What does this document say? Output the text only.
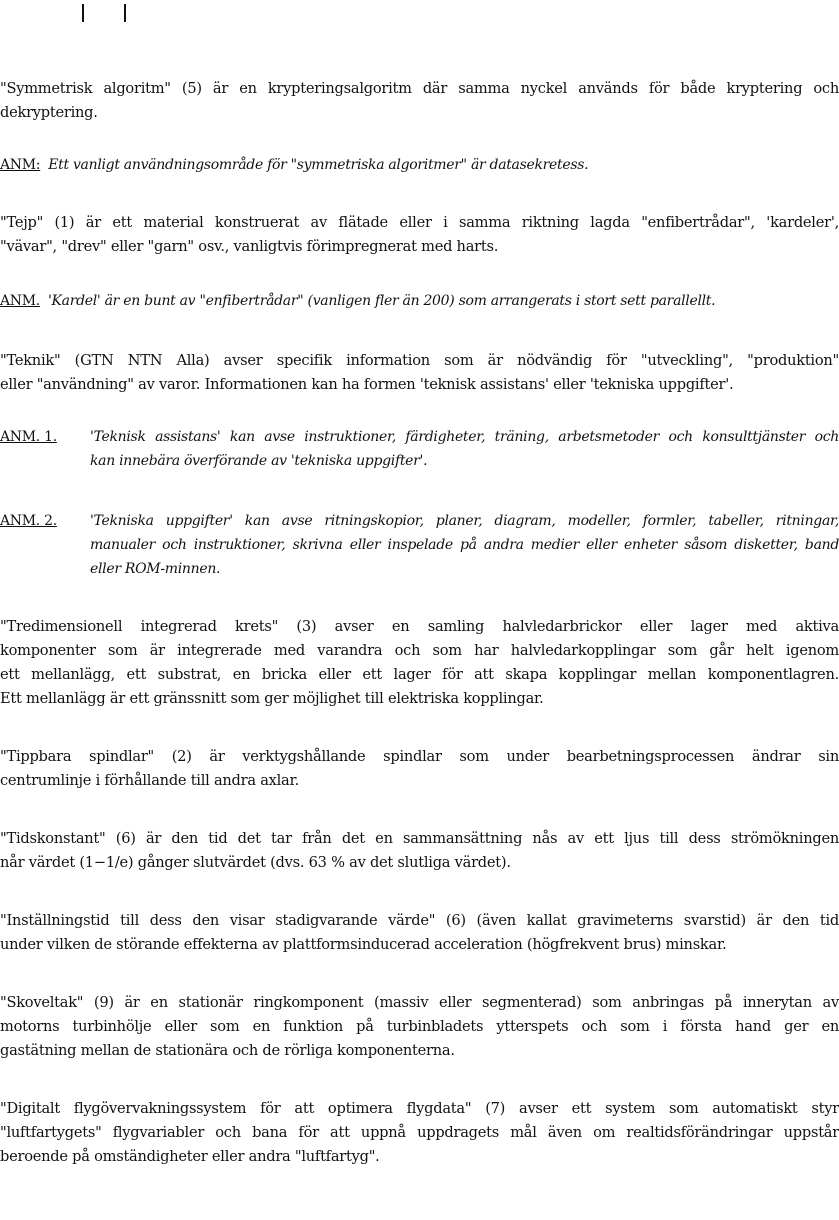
"Symmetrisk algoritm" (5) är en krypteringsalgoritm där samma nyckel används för både kryptering och
dekryptering.
ANM: Ett vanligt användningsområde för "symmetriska algoritmer" är datasekretess.
"Tejp" (1) är ett material konstruerat av flätade eller i samma riktning lagda "enfibertrådar", 'kardeler',
"vävar", "drev" eller "garn" osv., vanligtvis förimpregnerat med harts.
ANM. 'Kardel' är en bunt av "enfibertrådar" (vanligen fler än 200) som arrangerats i stort sett parallellt.
"Teknik" (GTN NTN Alla) avser specifik information som är nödvändig för "utveckling", "produktion"
eller "användning" av varor. Informationen kan ha formen 'teknisk assistans' eller 'tekniska uppgifter'.
ANM. 1. 'Teknisk assistans' kan avse instruktioner, färdigheter, träning, arbetsmetoder och konsulttjänster och
kan innebära överförande av 'tekniska uppgifter'.
ANM. 2. 'Tekniska uppgifter' kan avse ritningskopior, planer, diagram, modeller, formler, tabeller, ritningar,
manualer och instruktioner, skrivna eller inspelade på andra medier eller enheter såsom disketter, band
eller ROM-minnen.
"Tredimensionell integrerad krets" (3) avser en samling halvledarbrickor eller lager med aktiva
komponenter som är integrerade med varandra och som har halvledarkopplingar som går helt igenom
ett mellanlägg, ett substrat, en bricka eller ett lager för att skapa kopplingar mellan komponentlagren.
Ett mellanlägg är ett gränssnitt som ger möjlighet till elektriska kopplingar.
"Tippbara spindlar" (2) är verktygshållande spindlar som under bearbetningsprocessen ändrar sin
centrumlinje i förhållande till andra axlar.
"Tidskonstant" (6) är den tid det tar från det en sammansättning nås av ett ljus till dess strömökningen
når värdet (1−1/e) gånger slutvärdet (dvs. 63 % av det slutliga värdet).
"Inställningstid till dess den visar stadigvarande värde" (6) (även kallat gravimeterns svarstid) är den tid
under vilken de störande effekterna av plattformsinducerad acceleration (högfrekvent brus) minskar.
"Skoveltak" (9) är en stationär ringkomponent (massiv eller segmenterad) som anbringas på innerytan av
motorns turbinhölje eller som en funktion på turbinbladets ytterspets och som i första hand ger en
gastätning mellan de stationära och de rörliga komponenterna.
"Digitalt flygövervakningssystem för att optimera flygdata" (7) avser ett system som automatiskt styr
"luftfartygets" flygvariabler och bana för att uppnå uppdragets mål även om realtidsförändringar uppstår
beroende på omständigheter eller andra "luftfartyg".
